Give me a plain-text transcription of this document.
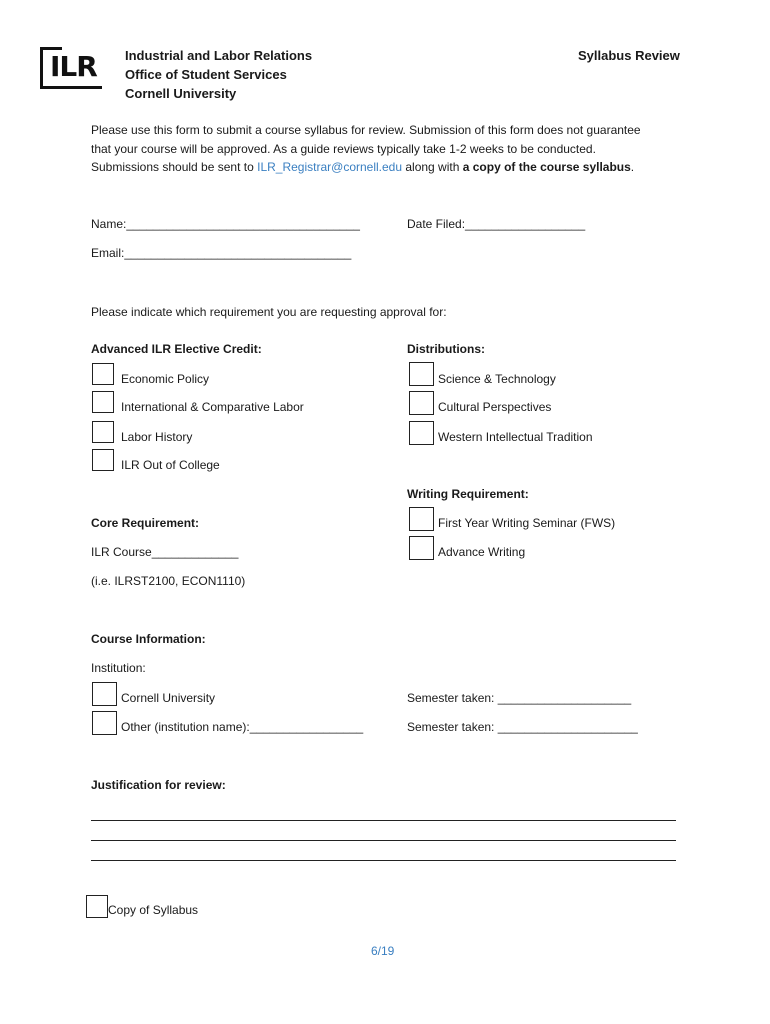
ILR Industrial and Labor Relations
Office of Student Services
Cornell University
Syllabus Review
Please use this form to submit a course syllabus for review. Submission of this form does not guarantee
that your course will be approved. As a guide reviews typically take 1-2 weeks to be conducted.
Submissions should be sent to ILR_Registrar@cornell.edu along with a copy of the course syllabus.
Name:___________________________________	Date Filed:__________________
Email:__________________________________
Please indicate which requirement you are requesting approval for:
Advanced ILR Elective Credit:
Economic Policy
International & Comparative Labor
Labor History
ILR Out of College
Distributions:
Science & Technology
Cultural Perspectives
Western Intellectual Tradition
Writing Requirement:
First Year Writing Seminar (FWS)
Advance Writing
Core Requirement:
ILR Course_____________
(i.e. ILRST2100, ECON1110)
Course Information:
Institution:
Cornell University
Other (institution name):_________________
Semester taken: ____________________
Semester taken: _____________________
Justification for review:
Copy of Syllabus
6/19
